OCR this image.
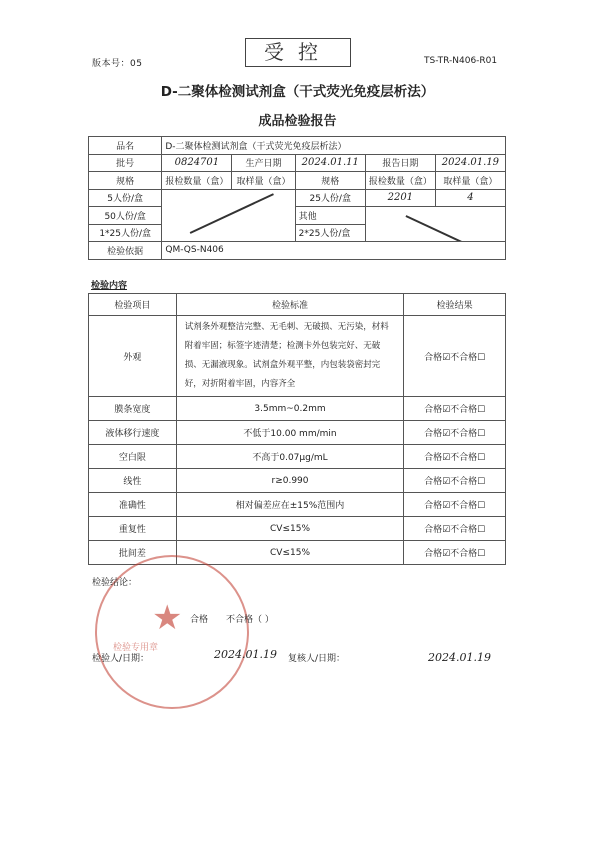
版本号：05	受控	TS-TR-N406-R01
D-二聚体检测试剂盒（干式荧光免疫层析法）
成品检验报告
品名	D-二聚体检测试剂盒（干式荧光免疫层析法）				
批号	0824701	生产日期	2024.01.11	报告日期	2024.01.19
规格	报检数量（盒）	取样量（盒）	规格	报检数量（盒）	取样量（盒）
5人份/盒			25人份/盒	2201	4
50人份/盒			其他		

1*25人份/盒			2*25人份/盒		
检验依据	QM-QS-N406				
检验内容
检验项目	检验标准	检验结果
外观	试剂条外观整洁完整、无毛刺、无破损、无污染，材料附着牢固；标签字迹清楚；检测卡外包装完好、无破损、无漏液现象。试剂盒外观平整，内包装袋密封完好，对折附着牢固，内容齐全	合格☑不合格☐
膜条宽度	3.5mm~0.2mm	合格☑不合格☐
液体移行速度	不低于10.00 mm/min	合格☑不合格☐
空白限	不高于0.07μg/mL	合格☑不合格☐
线性	r≥0.990	合格☑不合格☐
准确性	相对偏差应在±15%范围内	合格☑不合格☐
重复性	CV≤15%	合格☑不合格☐
批间差	CV≤15%	合格☑不合格☐
★
检验专用章
检验结论：
合格 不合格（ ）
检验人/日期：	2024.01.19 复核人/日期：	2024.01.19
